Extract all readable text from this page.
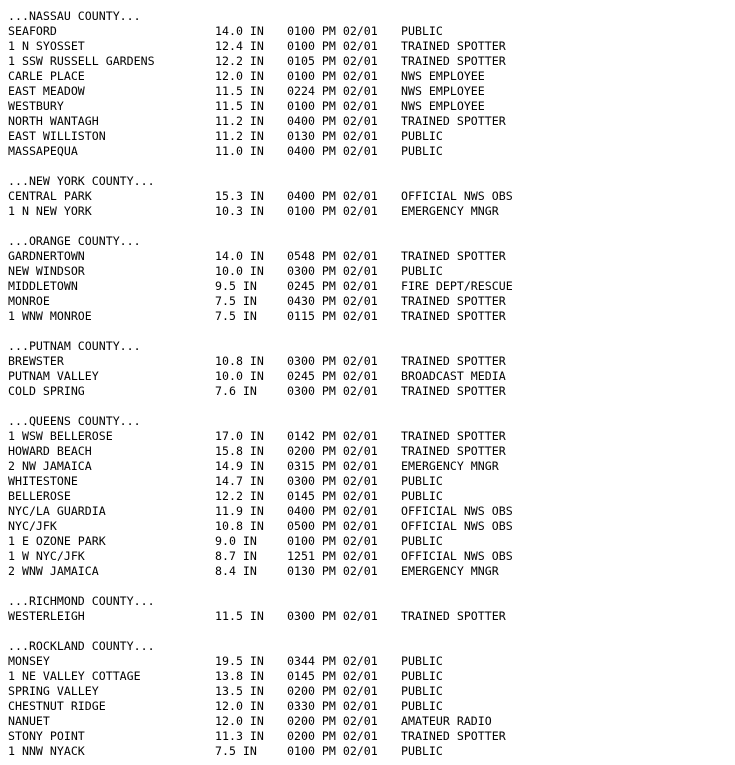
...NASSAU COUNTY...
SEAFORD	14.0 IN 0100 PM 02/01 PUBLIC
1 N SYOSSET	12.4 IN 0100 PM 02/01 TRAINED SPOTTER
1 SSW RUSSELL GARDENS	12.2 IN 0105 PM 02/01 TRAINED SPOTTER
CARLE PLACE	12.0 IN 0100 PM 02/01 NWS EMPLOYEE
EAST MEADOW	11.5 IN 0224 PM 02/01 NWS EMPLOYEE
WESTBURY	11.5 IN 0100 PM 02/01 NWS EMPLOYEE
NORTH WANTAGH	11.2 IN 0400 PM 02/01 TRAINED SPOTTER
EAST WILLISTON	11.2 IN 0130 PM 02/01 PUBLIC
MASSAPEQUA	11.0 IN 0400 PM 02/01 PUBLIC
...NEW YORK COUNTY...
CENTRAL PARK	15.3 IN 0400 PM 02/01 OFFICIAL NWS OBS
1 N NEW YORK	10.3 IN 0100 PM 02/01 EMERGENCY MNGR
...ORANGE COUNTY...
GARDNERTOWN	14.0 IN 0548 PM 02/01 TRAINED SPOTTER
NEW WINDSOR	10.0 IN 0300 PM 02/01 PUBLIC
MIDDLETOWN	9.5 IN	0245 PM 02/01 FIRE DEPT/RESCUE
MONROE	7.5 IN	0430 PM 02/01 TRAINED SPOTTER
1 WNW MONROE	7.5 IN	0115 PM 02/01 TRAINED SPOTTER
...PUTNAM COUNTY...
BREWSTER	10.8 IN 0300 PM 02/01 TRAINED SPOTTER
PUTNAM VALLEY	10.0 IN 0245 PM 02/01 BROADCAST MEDIA
COLD SPRING	7.6 IN	0300 PM 02/01 TRAINED SPOTTER
...QUEENS COUNTY...
1 WSW BELLEROSE	17.0 IN 0142 PM 02/01 TRAINED SPOTTER
HOWARD BEACH	15.8 IN 0200 PM 02/01 TRAINED SPOTTER
2 NW JAMAICA	14.9 IN 0315 PM 02/01 EMERGENCY MNGR
WHITESTONE	14.7 IN 0300 PM 02/01 PUBLIC
BELLEROSE	12.2 IN 0145 PM 02/01 PUBLIC
NYC/LA GUARDIA	11.9 IN 0400 PM 02/01 OFFICIAL NWS OBS
NYC/JFK	10.8 IN 0500 PM 02/01 OFFICIAL NWS OBS
1 E OZONE PARK	9.0 IN	0100 PM 02/01 PUBLIC
1 W NYC/JFK	8.7 IN	1251 PM 02/01 OFFICIAL NWS OBS
2 WNW JAMAICA	8.4 IN	0130 PM 02/01 EMERGENCY MNGR
...RICHMOND COUNTY...
WESTERLEIGH	11.5 IN 0300 PM 02/01 TRAINED SPOTTER
...ROCKLAND COUNTY...
MONSEY	19.5 IN 0344 PM 02/01 PUBLIC
1 NE VALLEY COTTAGE	13.8 IN 0145 PM 02/01 PUBLIC
SPRING VALLEY	13.5 IN 0200 PM 02/01 PUBLIC
CHESTNUT RIDGE	12.0 IN 0330 PM 02/01 PUBLIC
NANUET	12.0 IN 0200 PM 02/01 AMATEUR RADIO
STONY POINT	11.3 IN 0200 PM 02/01 TRAINED SPOTTER
1 NNW NYACK	7.5 IN	0100 PM 02/01 PUBLIC
